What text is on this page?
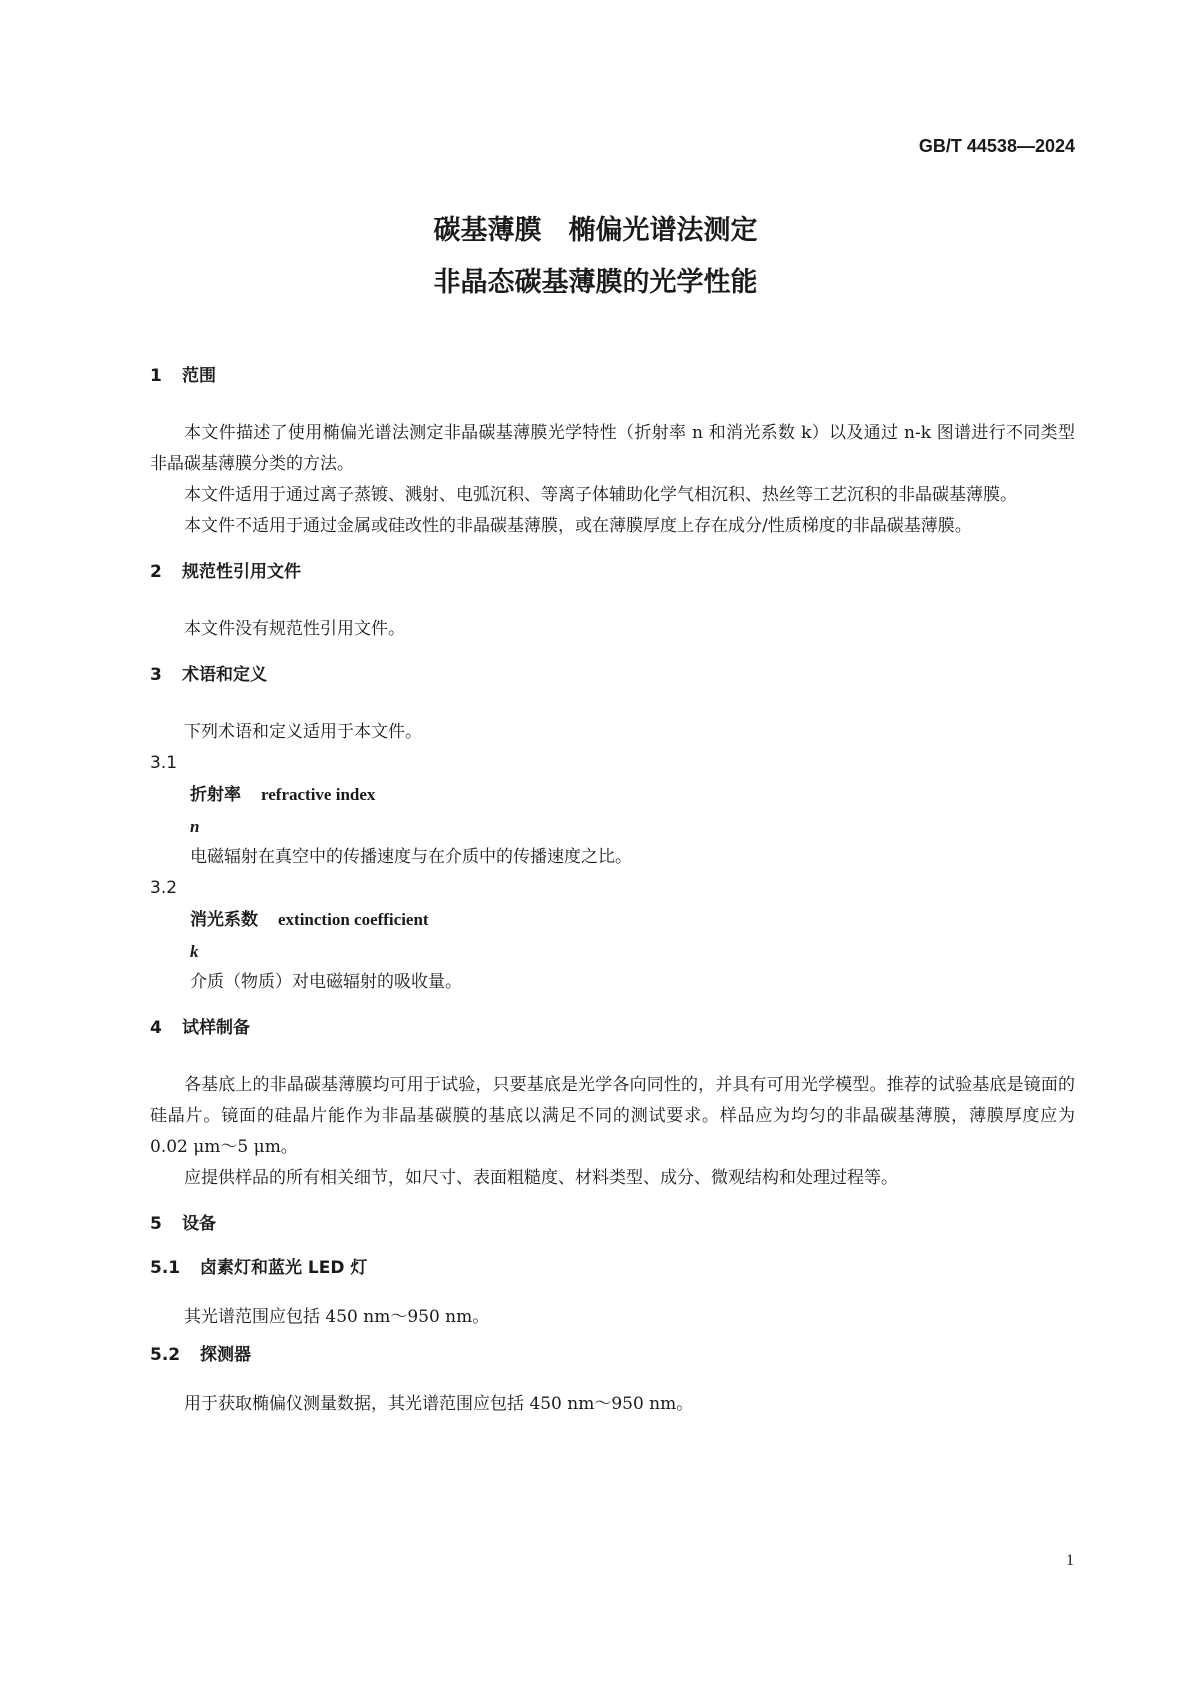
GB/T 44538—2024
碳基薄膜　椭偏光谱法测定
非晶态碳基薄膜的光学性能
1 范围

本文件描述了使用椭偏光谱法测定非晶碳基薄膜光学特性（折射率 n 和消光系数 k）以及通过 n-k 图谱进行不同类型非晶碳基薄膜分类的方法。

本文件适用于通过离子蒸镀、溅射、电弧沉积、等离子体辅助化学气相沉积、热丝等工艺沉积的非晶碳基薄膜。

本文件不适用于通过金属或硅改性的非晶碳基薄膜，或在薄膜厚度上存在成分/性质梯度的非晶碳基薄膜。

2 规范性引用文件

本文件没有规范性引用文件。

3 术语和定义

下列术语和定义适用于本文件。

3.1
折射率 refractive index
n
电磁辐射在真空中的传播速度与在介质中的传播速度之比。
3.2
消光系数 extinction coefficient
k
介质（物质）对电磁辐射的吸收量。
4 试样制备

各基底上的非晶碳基薄膜均可用于试验，只要基底是光学各向同性的，并具有可用光学模型。推荐的试验基底是镜面的硅晶片。镜面的硅晶片能作为非晶基碳膜的基底以满足不同的测试要求。样品应为均匀的非晶碳基薄膜，薄膜厚度应为 0.02 μm～5 μm。

应提供样品的所有相关细节，如尺寸、表面粗糙度、材料类型、成分、微观结构和处理过程等。

5 设备
5.1 卤素灯和蓝光 LED 灯

其光谱范围应包括 450 nm～950 nm。

5.2 探测器

用于获取椭偏仪测量数据，其光谱范围应包括 450 nm～950 nm。

1
